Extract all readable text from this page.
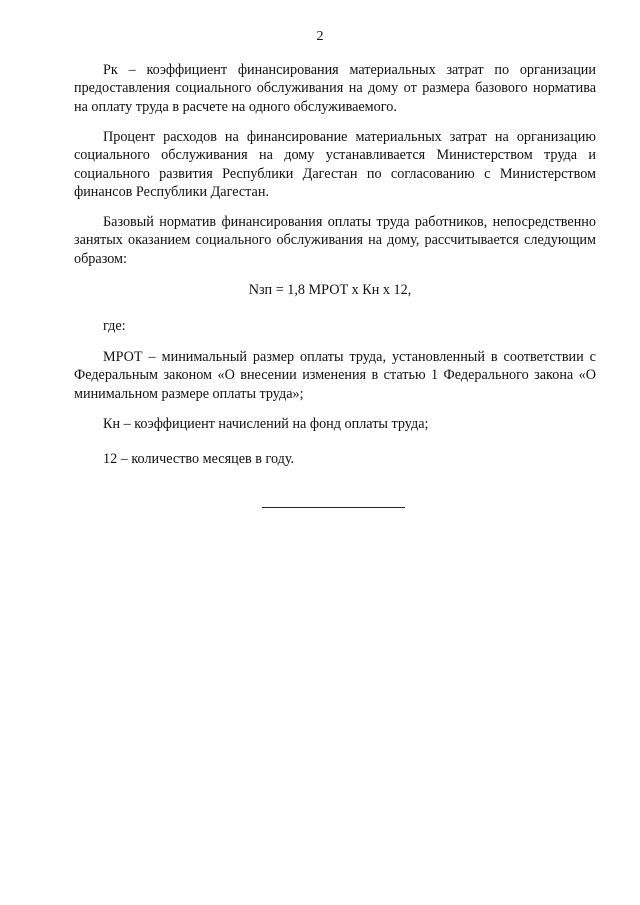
2

Рк – коэффициент финансирования материальных затрат по организации предоставления социального обслуживания на дому от размера базового норматива на оплату труда в расчете на одного обслуживаемого.

Процент расходов на финансирование материальных затрат на организацию социального обслуживания на дому устанавливается Министерством труда и социального развития Республики Дагестан по согласованию с Министерством финансов Республики Дагестан.

Базовый норматив финансирования оплаты труда работников, непосредственно занятых оказанием социального обслуживания на дому, рассчитывается следующим образом:

Nзп = 1,8 МРОТ х Кн х 12,

где:

МРОТ – минимальный размер оплаты труда, установленный в соответствии с Федеральным законом «О внесении изменения в статью 1 Федерального закона «О минимальном размере оплаты труда»;

Кн – коэффициент начислений на фонд оплаты труда;

12 – количество месяцев в году.
